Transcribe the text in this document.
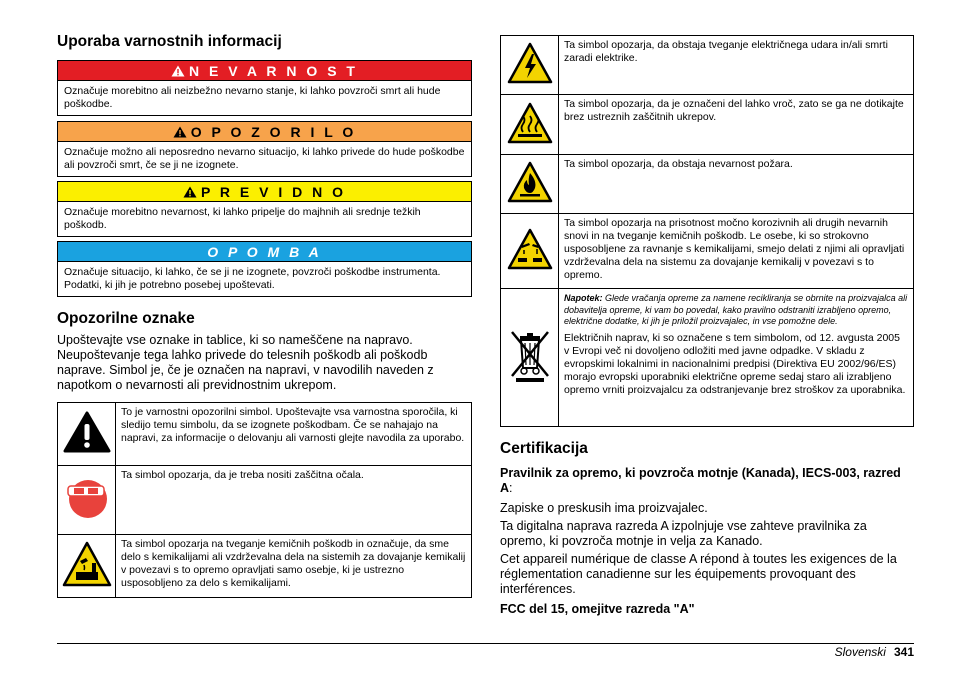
Uporaba varnostnih informacij
N E V A R N O S T
Označuje morebitno ali neizbežno nevarno stanje, ki lahko povzroči smrt ali hude poškodbe.
O P O Z O R I L O
Označuje možno ali neposredno nevarno situacijo, ki lahko privede do hude poškodbe ali povzroči smrt, če se ji ne izognete.
P R E V I D N O
Označuje morebitno nevarnost, ki lahko pripelje do majhnih ali srednje težkih poškodb.
O P O M B A
Označuje situacijo, ki lahko, če se ji ne izognete, povzroči poškodbe instrumenta. Podatki, ki jih je potrebno posebej upoštevati.
Opozorilne oznake

Upoštevajte vse oznake in tablice, ki so nameščene na napravo. Neupoštevanje tega lahko privede do telesnih poškodb ali poškodb naprave. Simbol je, če je označen na napravi, v navodilih naveden z napotkom o nevarnosti ali previdnostnim ukrepom.

	To je varnostni opozorilni simbol. Upoštevajte vsa varnostna sporočila, ki sledijo temu simbolu, da se izognete poškodbam. Če se nahajajo na napravi, za informacije o delovanju ali varnosti glejte navodila za uporabo.
	Ta simbol opozarja, da je treba nositi zaščitna očala.
	Ta simbol opozarja na tveganje kemičnih poškodb in označuje, da sme delo s kemikalijami ali vzdrževalna dela na sistemih za dovajanje kemikalij v povezavi s to opremo opravljati samo osebje, ki je ustrezno usposobljeno za delo s kemikalijami.
	Ta simbol opozarja, da obstaja tveganje električnega udara in/ali smrti zaradi elektrike.
	Ta simbol opozarja, da je označeni del lahko vroč, zato se ga ne dotikajte brez ustreznih zaščitnih ukrepov.
	Ta simbol opozarja, da obstaja nevarnost požara.
	Ta simbol opozarja na prisotnost močno korozivnih ali drugih nevarnih snovi in na tveganje kemičnih poškodb. Le osebe, ki so strokovno usposobljene za ravnanje s kemikalijami, smejo delati z njimi ali opravljati vzdrževalna dela na sistemu za dovajanje kemikalij v povezavi s to opremo.

Napotek: Glede vračanja opreme za namene recikliranja se obrnite na proizvajalca ali dobavitelja opreme, ki vam bo povedal, kako pravilno odstraniti izrabljeno opremo, električne dodatke, ki jih je priložil proizvajalec, in vse pomožne dele.
Električnih naprav, ki so označene s tem simbolom, od 12. avgusta 2005 v Evropi več ni dovoljeno odložiti med javne odpadke. V skladu z evropskimi lokalnimi in nacionalnimi predpisi (Direktiva EU 2002/96/ES) morajo evropski uporabniki električne opreme sedaj staro ali izrabljeno opremo vrniti proizvajalcu za odstranjevanje brez stroškov za uporabnika.
Certifikacija
Pravilnik za opremo, ki povzroča motnje (Kanada), IECS-003, razred A:

Zapiske o preskusih ima proizvajalec.

Ta digitalna naprava razreda A izpolnjuje vse zahteve pravilnika za opremo, ki povzroča motnje in velja za Kanado.

Cet appareil numérique de classe A répond à toutes les exigences de la réglementation canadienne sur les équipements provoquant des interférences.

FCC del 15, omejitve razreda "A"
Slovenski 341
